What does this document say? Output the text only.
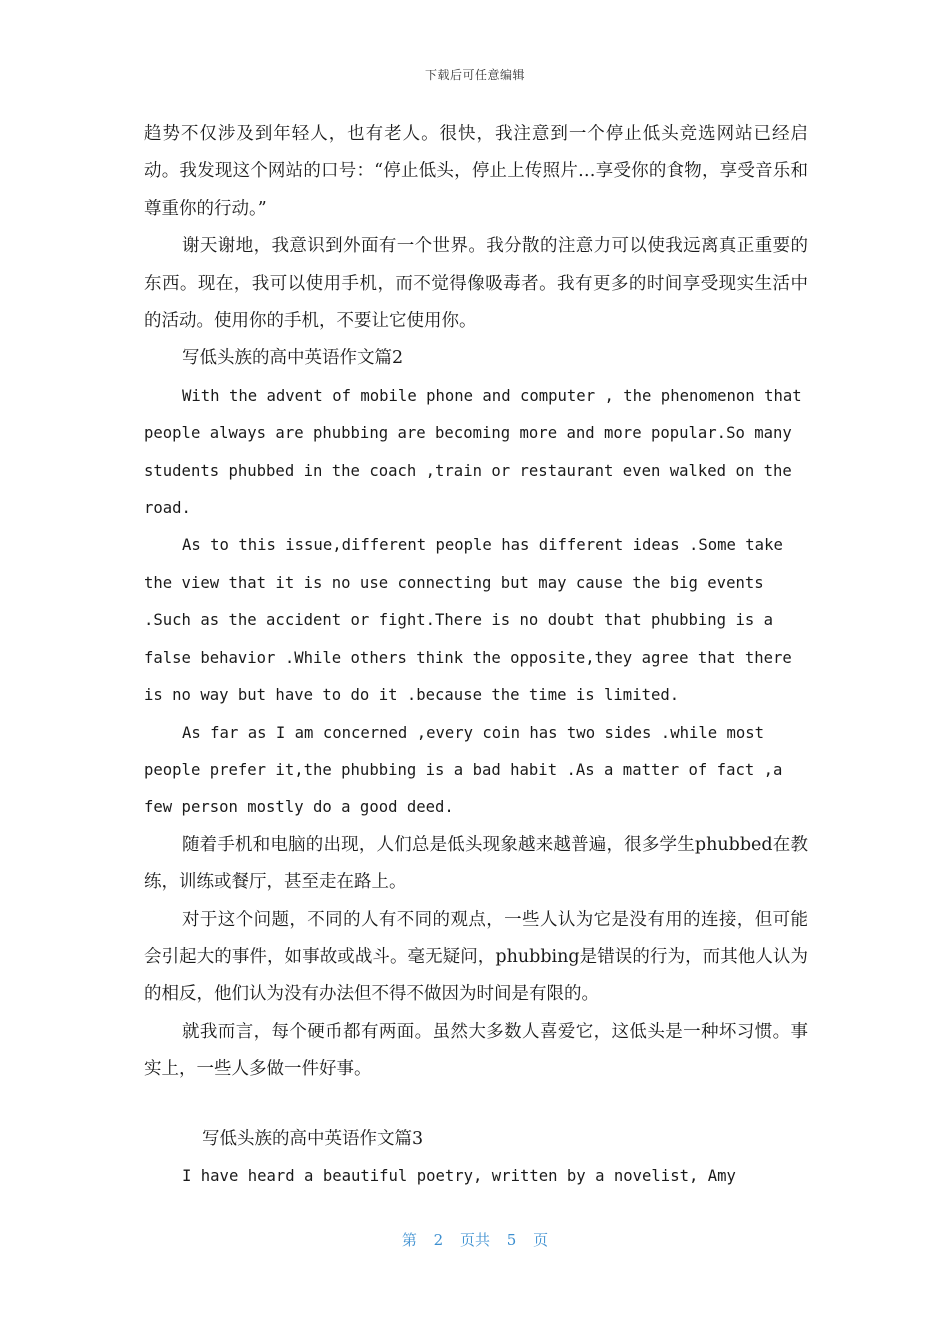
下载后可任意编辑

趋势不仅涉及到年轻人，也有老人。很快，我注意到一个停止低头竞选网站已经启动。我发现这个网站的口号：“停止低头，停止上传照片…享受你的食物，享受音乐和尊重你的行动。”

谢天谢地，我意识到外面有一个世界。我分散的注意力可以使我远离真正重要的东西。现在，我可以使用手机，而不觉得像吸毒者。我有更多的时间享受现实生活中的活动。使用你的手机，不要让它使用你。

写低头族的高中英语作文篇2

With the advent of mobile phone and computer , the phenomenon that people always are phubbing are becoming more and more popular.So many students phubbed in the coach ,train or restaurant even walked on the road.

As to this issue,different people has different ideas .Some take the view that it is no use connecting but may cause the big events .Such as the accident or fight.There is no doubt that phubbing is a false behavior .While others think the opposite,they agree that there is no way but have to do it .because the time is limited.

As far as I am concerned ,every coin has two sides .while most people prefer it,the phubbing is a bad habit .As a matter of fact ,a few person mostly do a good deed.

随着手机和电脑的出现，人们总是低头现象越来越普遍，很多学生phubbed在教练，训练或餐厅，甚至走在路上。

对于这个问题，不同的人有不同的观点，一些人认为它是没有用的连接，但可能会引起大的事件，如事故或战斗。毫无疑问，phubbing是错误的行为，而其他人认为的相反，他们认为没有办法但不得不做因为时间是有限的。

就我而言，每个硬币都有两面。虽然大多数人喜爱它，这低头是一种坏习惯。事实上，一些人多做一件好事。

写低头族的高中英语作文篇3

I have heard a beautiful poetry, written by a novelist, Amy

第 2 页共 5 页
